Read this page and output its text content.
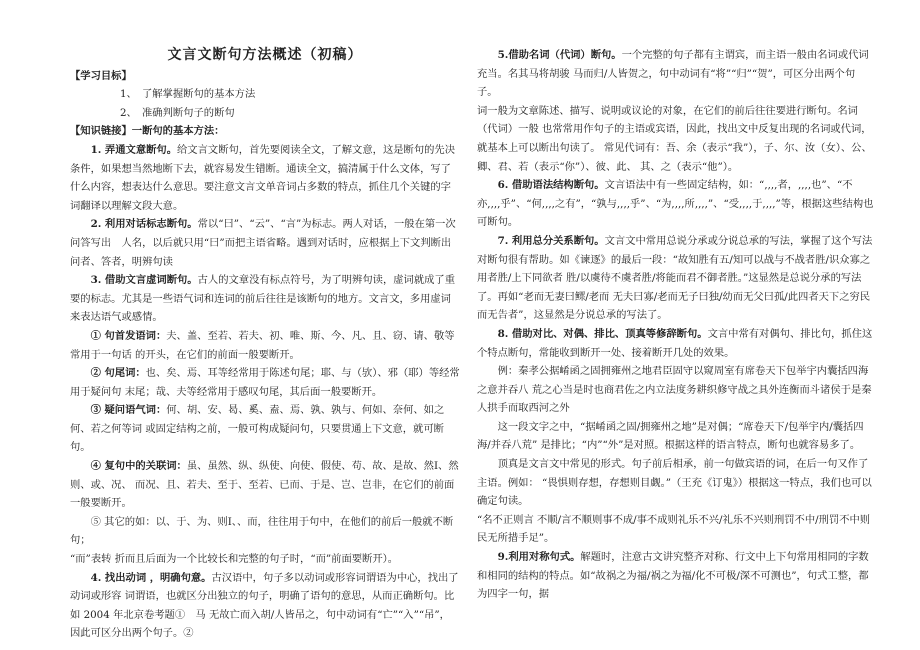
文言文断句方法概述（初稿）

【学习目标】

1、　了解掌握断句的基本方法

2、　准确判断句子的断句

【知识链接】一断句的基本方法：

1. 弄通文意断句。给文言文断句，首先要阅读全文，了解文意，这是断句的先决条件，如果想当然地断下去，就容易发生错断。通读全文，搞清属于什么文体，写了什么内容，想表达什么意思。要注意文言文单音词占多数的特点，抓住几个关键的字词翻译以理解文段大意。

2. 利用对话标志断句。常以“曰”、“云”、“言”为标志。两人对话，一般在第一次问答写出　人名，以后就只用“曰”而把主语省略。遇到对话时，应根据上下文判断出问者、答者，明辨句读

3. 借助文言虚词断句。古人的文章没有标点符号，为了明辨句读，虚词就成了重要的标志。尤其是一些语气词和连词的前后往往是该断句的地方。文言文，多用虚词来表达语气或感情。

① 句首发语词：夫、盖、至若、若夫、初、唯、斯、今、凡、且、窃、请、敬等常用于一句话 的开头，在它们的前面一般要断开。

② 句尾词：也、矣、焉、耳等经常用于陈述句尾；耶、与（欤）、邪（耶）等经常用于疑问句 末尾；哉、夫等经常用于感叹句尾，其后面一般要断开。

③ 疑问语气词：何、胡、安、曷、奚、盍、焉、孰、孰与、何如、奈何、如之何、若之何等词 或固定结构之前，一般可构成疑问句，只要贯通上下文意，就可断句。

④ 复句中的关联词：虽、虽然、纵、纵使、向使、假使、苟、故、是故、然Ⅰ、然则、或、况、 而况、且、若夫、至于、至若、已而、于是、岂、岂非，在它们的前面一般要断开。

⑤ 其它的如：以、于、为、则Ⅰ、、而，往往用于句中，在他们的前后一般就不断句；

“而”表转 折而且后面为一个比较长和完整的句子时，“而”前面要断开）。

4. 找出动词 ，明确句意。古汉语中，句子多以动词或形容词谓语为中心，找出了动词或形容 词谓语，也就区分出独立的句子，明确了语句的意思，从而正确断句。比如 2004 年北京卷考题①　马 无故亡而入胡/人皆吊之，句中动词有“亡”“入”“吊”，因此可区分出两个句子。②

5.借助名词（代词）断句。一个完整的句子都有主谓宾，而主语一般由名词或代词充当。名其马将胡骏 马而归/人皆贺之，句中动词有“将”“归”“贺”，可区分出两个句子。

词一般为文章陈述、描写、说明或议论的对象，在它们的前后往往要进行断句。名词（代词）一般 也常常用作句子的主语或宾语，因此，找出文中反复出现的名词或代词，就基本上可以断出句读了。 常见代词有：吾、余（表示“我”），子、尔、汝（女）、公、卿、君、若（表示“你”）、彼、此、 其、之（表示“他”）。

6. 借助语法结构断句。文言语法中有一些固定结构，如：“,,,,者，,,,,也”、“不亦,,,,乎”、“何,,,,之有”，“孰与,,,,乎”、“为,,,,所,,,,”、“受,,,,于,,,,”等，根据这些结构也可断句。

7. 利用总分关系断句。文言文中常用总说分承或分说总承的写法，掌握了这个写法对断句很有帮助。如《谏逐》的最后一段：“故知胜有五/知可以战与不战者胜/识众寡之用者胜/上下同欲者 胜/以虞待不虞者胜/将能而君不御者胜。”这显然是总说分承的写法了。再如“老而无妻曰鳏/老而 无夫曰寡/老而无子曰独/幼而无父曰孤/此四者天下之穷民而无告者”，这显然是分说总承的写法了。

8. 借助对比、对偶、排比、顶真等修辞断句。文言中常有对偶句、排比句，抓住这个特点断句，常能收到断开一处、接着断开几处的效果。

例：秦孝公据崤函之固拥雍州之地君臣固守以窥周室有席卷天下包举宇内囊括四海之意并吞八 荒之心当是时也商君佐之内立法度务耕织修守战之具外连衡而斗诸侯于是秦人拱手而取西河之外

这一段文字之中，“据崤函之固/拥雍州之地”是对偶；“席卷天下/包举宇内/囊括四海/并吞八荒” 是排比；“内”“外”是对照。根据这样的语言特点，断句也就容易多了。

顶真是文言文中常见的形式。句子前后相承，前一句做宾语的词，在后一句又作了主语。例如： “畏惧则存想，存想则目觑。”（王充《订鬼》）根据这一特点，我们也可以确定句读。

“名不正则言 不顺/言不顺则事不成/事不成则礼乐不兴/礼乐不兴则刑罚不中/刑罚不中则民无所措手足”。

9.利用对称句式。解题时，注意古文讲究整齐对称、行文中上下句常用相同的字数和相同的结构的特点。如“故祸之为福/祸之为福/化不可极/深不可测也”，句式工整，都为四字一句，据
